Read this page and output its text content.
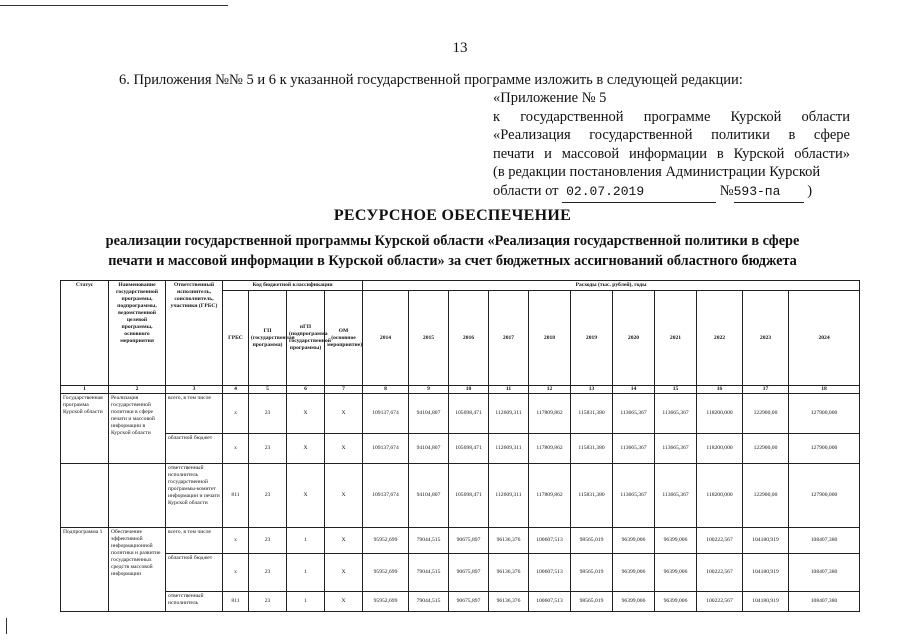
13
6. Приложения №№ 5 и 6 к указанной государственной программе изложить в следующей редакции:
«Приложение № 5
к государственной программе Курской области
«Реализация государственной политики в сфере
печати и массовой информации в Курской области»
(в редакции постановления Администрации Курской
области от 02.07.2019	№593-па )
РЕСУРСНОЕ ОБЕСПЕЧЕНИЕ
реализации государственной программы Курской области «Реализация государственной политики в сфере
печати и массовой информации в Курской области» за счет бюджетных ассигнований областного бюджета
Статус	Наименование государственной программы, подпрограммы, ведомственной целевой программы, основного мероприятия	Ответственный исполнитель, соисполнитель, участники (ГРБС)	Код бюджетной классификации				Расходы (тыс. рублей), годы										
			ГРБС	ГП (государственная программа)	пГП (подпрограмма государственной программы)	ОМ (основное мероприятие)	2014	2015	2016	2017	2018	2019	2020	2021	2022	2023	2024
1	2	3	4	5	6	7	8	9	10	11	12	13	14	15	16	17	18
Государственная программа Курской области	Реализация государственной политики в сфере печати и массовой информации в Курской области	всего, в том числе	х	23	Х	Х	109137,674	94104,807	105698,471	112609,311	117809,862	115831,380	113665,367	113665,367	118200,000	122900,00	127900,000
		областной бюджет	х	23	Х	Х	109137,674	94104,807	105698,471	112609,311	117809,862	115831,380	113665,367	113665,367	118200,000	122900,00	127900,000
		ответственный исполнитель государственной программы-комитет информации и печати Курской области	811	23	Х	Х	109137,674	94104,807	105698,471	112609,311	117809,862	115831,380	113665,367	113665,367	118200,000	122900,00	127900,000
Подпрограмма 1	Обеспечение эффективной информационной политики и развитие государственных средств массовой информации	всего, в том числе	х	23	1	Х	95952,699	79044,515	90675,897	96136,376	100607,513	98565,019	96399,006	96399,006	100222,567	104180,919	108407,380
		областной бюджет	х	23	1	Х	95952,699	79044,515	90675,897	96136,376	100607,513	98565,019	96399,006	96399,006	100222,567	104180,919	108407,380
		ответственный исполнитель	811	23	1	Х	95952,699	79044,515	90675,897	96136,376	100607,513	98565,019	96399,006	96399,006	100222,567	104180,919	108407,380
